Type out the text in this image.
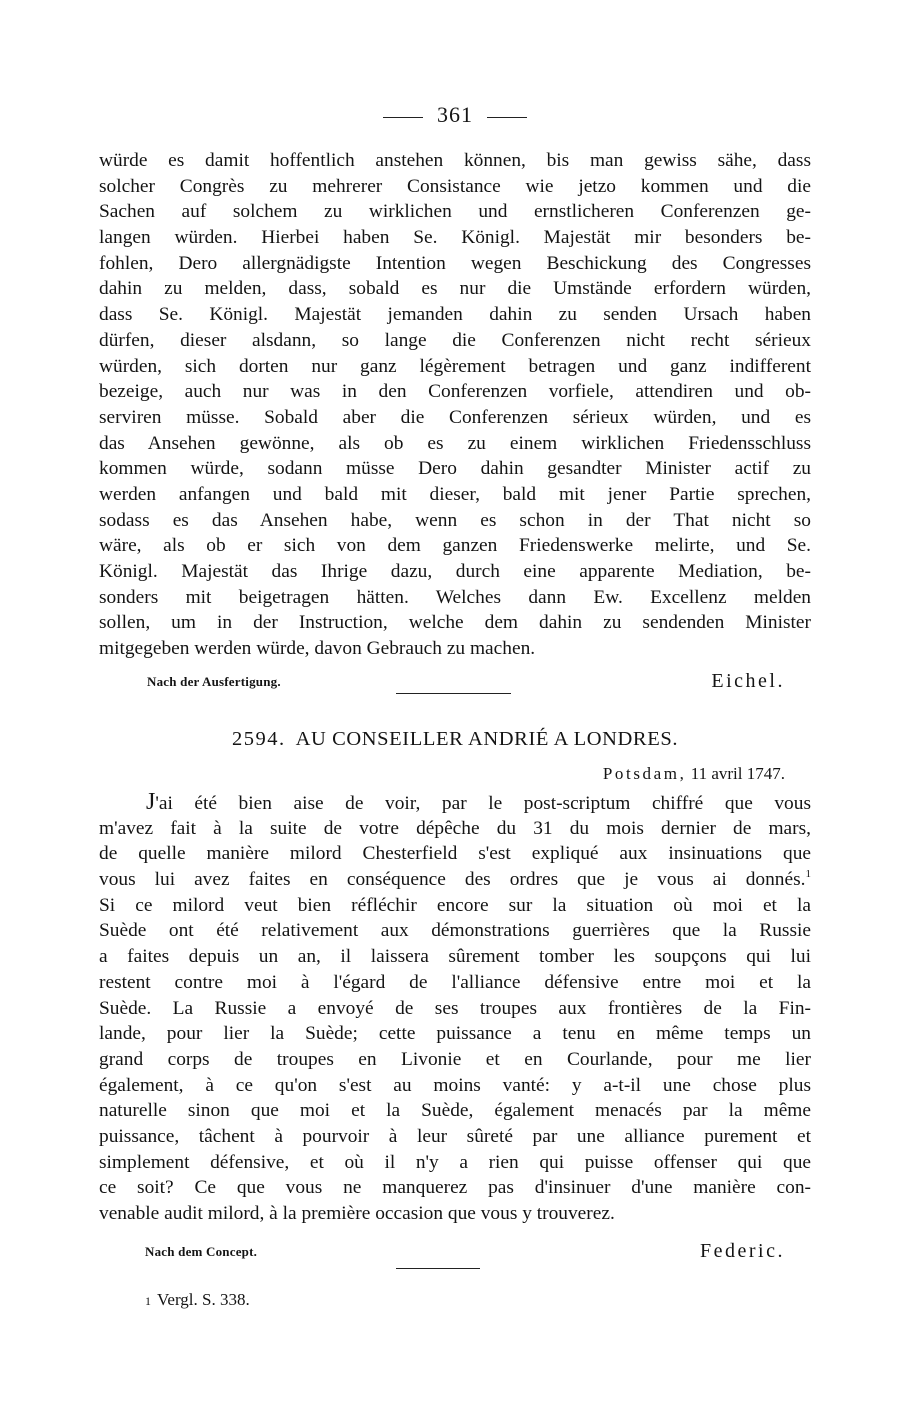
361
würde es damit hoffentlich anstehen können, bis man gewiss sähe, dass
solcher Congrès zu mehrerer Consistance wie jetzo kommen und die
Sachen auf solchem zu wirklichen und ernstlicheren Conferenzen ge-
langen würden. Hierbei haben Se. Königl. Majestät mir besonders be-
fohlen, Dero allergnädigste Intention wegen Beschickung des Congresses
dahin zu melden, dass, sobald es nur die Umstände erfordern würden,
dass Se. Königl. Majestät jemanden dahin zu senden Ursach haben
dürfen, dieser alsdann, so lange die Conferenzen nicht recht sérieux
würden, sich dorten nur ganz légèrement betragen und ganz indifferent
bezeige, auch nur was in den Conferenzen vorfiele, attendiren und ob-
serviren müsse. Sobald aber die Conferenzen sérieux würden, und es
das Ansehen gewönne, als ob es zu einem wirklichen Friedensschluss
kommen würde, sodann müsse Dero dahin gesandter Minister actif zu
werden anfangen und bald mit dieser, bald mit jener Partie sprechen,
sodass es das Ansehen habe, wenn es schon in der That nicht so
wäre, als ob er sich von dem ganzen Friedenswerke melirte, und Se.
Königl. Majestät das Ihrige dazu, durch eine apparente Mediation, be-
sonders mit beigetragen hätten. Welches dann Ew. Excellenz melden
sollen, um in der Instruction, welche dem dahin zu sendenden Minister
mitgegeben werden würde, davon Gebrauch zu machen.
Nach der Ausfertigung.	Eichel.
2594. AU CONSEILLER ANDRIÉ A LONDRES.
Potsdam, 11 avril 1747.
J'ai été bien aise de voir, par le post-scriptum chiffré que vous
m'avez fait à la suite de votre dépêche du 31 du mois dernier de mars,
de quelle manière milord Chesterfield s'est expliqué aux insinuations que
vous lui avez faites en conséquence des ordres que je vous ai donnés.$^1$
Si ce milord veut bien réfléchir encore sur la situation où moi et la
Suède ont été relativement aux démonstrations guerrières que la Russie
a faites depuis un an, il laissera sûrement tomber les soupçons qui lui
restent contre moi à l'égard de l'alliance défensive entre moi et la
Suède. La Russie a envoyé de ses troupes aux frontières de la Fin-
lande, pour lier la Suède; cette puissance a tenu en même temps un
grand corps de troupes en Livonie et en Courlande, pour me lier
également, à ce qu'on s'est au moins vanté: y a-t-il une chose plus
naturelle sinon que moi et la Suède, également menacés par la même
puissance, tâchent à pourvoir à leur sûreté par une alliance purement et
simplement défensive, et où il n'y a rien qui puisse offenser qui que
ce soit? Ce que vous ne manquerez pas d'insinuer d'une manière con-
venable audit milord, à la première occasion que vous y trouverez.
Nach dem Concept.	Federic.
1 Vergl. S. 338.
